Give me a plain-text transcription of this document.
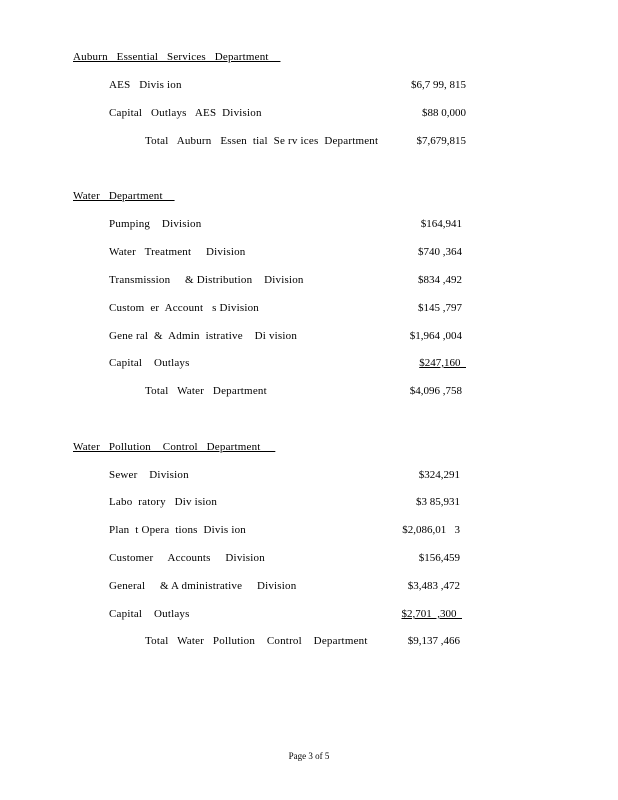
Auburn   Essential   Services   Department
AES   Divis ion	$6,7 99, 815
Capital   Outlays   AES  Division	$88 0,000
Total   Auburn   Essen  tial  Se rv ices  Department	$7,679,815
Water   Department
Pumping    Division	$164,941
Water   Treatment     Division	$740 ,364
Transmission     & Distribution    Division	$834 ,492
Custom  er  Account   s Division	$145 ,797
Gene ral  &  Admin  istrative    Di vision	$1,964 ,004
Capital    Outlays	$247,160
Total   Water   Department	$4,096 ,758
Water   Pollution    Control   Department
Sewer    Division	$324,291
Labo  ratory   Div ision	$3 85,931
Plan  t Opera  tions  Divis ion	$2,086,01   3
Customer     Accounts     Division	$156,459
General     & A dministrative     Division	$3,483 ,472
Capital    Outlays	$2,701  ,300
Total   Water   Pollution    Control    Department	$9,137 ,466
Page 3 of 5
